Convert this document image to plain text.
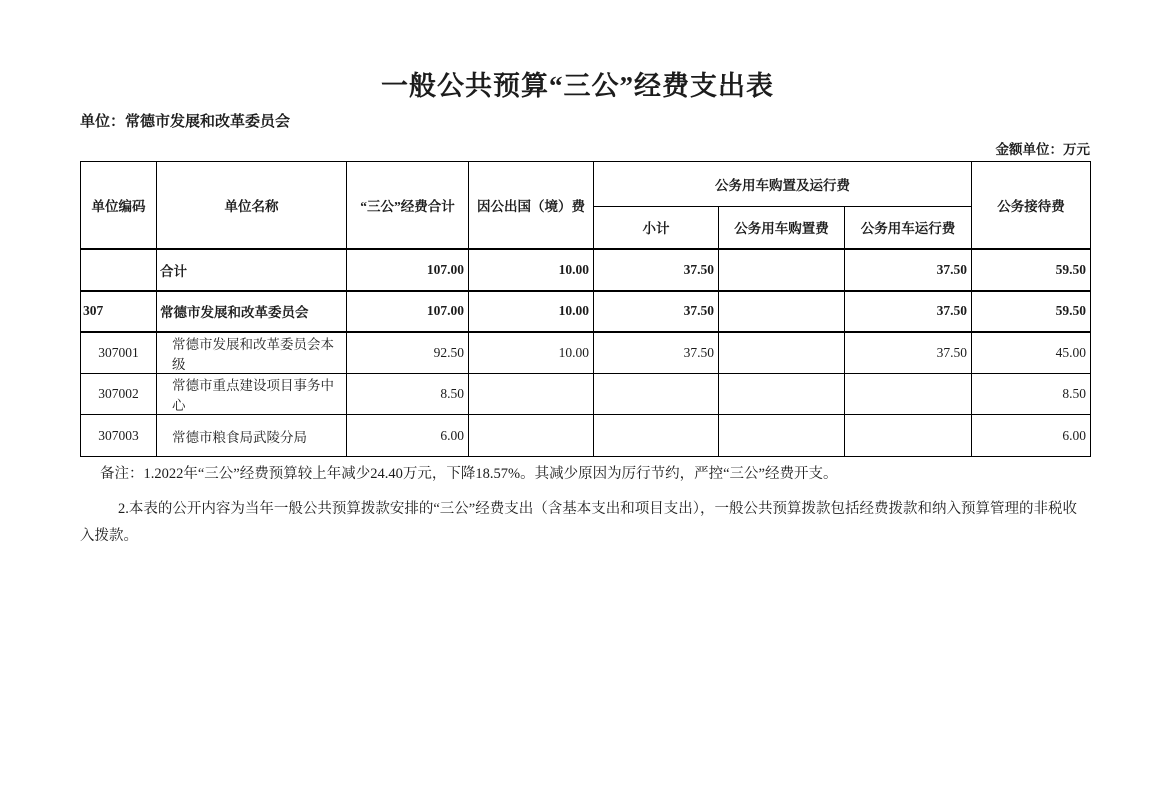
一般公共预算“三公”经费支出表
单位：常德市发展和改革委员会
金额单位：万元
单位编码	单位名称	“三公”经费合计	因公出国（境）费	公务用车购置及运行费			公务接待费
				小计	公务用车购置费	公务用车运行费	
	合计	107.00	10.00	37.50		37.50	59.50
307	常德市发展和改革委员会	107.00	10.00	37.50		37.50	59.50
307001	常德市发展和改革委员会本级	92.50	10.00	37.50		37.50	45.00
307002	常德市重点建设项目事务中心	8.50					8.50
307003	常德市粮食局武陵分局	6.00					6.00

备注：1.2022年“三公”经费预算较上年减少24.40万元，下降18.57%。其减少原因为厉行节约，严控“三公”经费开支。

2.本表的公开内容为当年一般公共预算拨款安排的“三公”经费支出（含基本支出和项目支出），一般公共预算拨款包括经费拨款和纳入预算管理的非税收入拨款。
